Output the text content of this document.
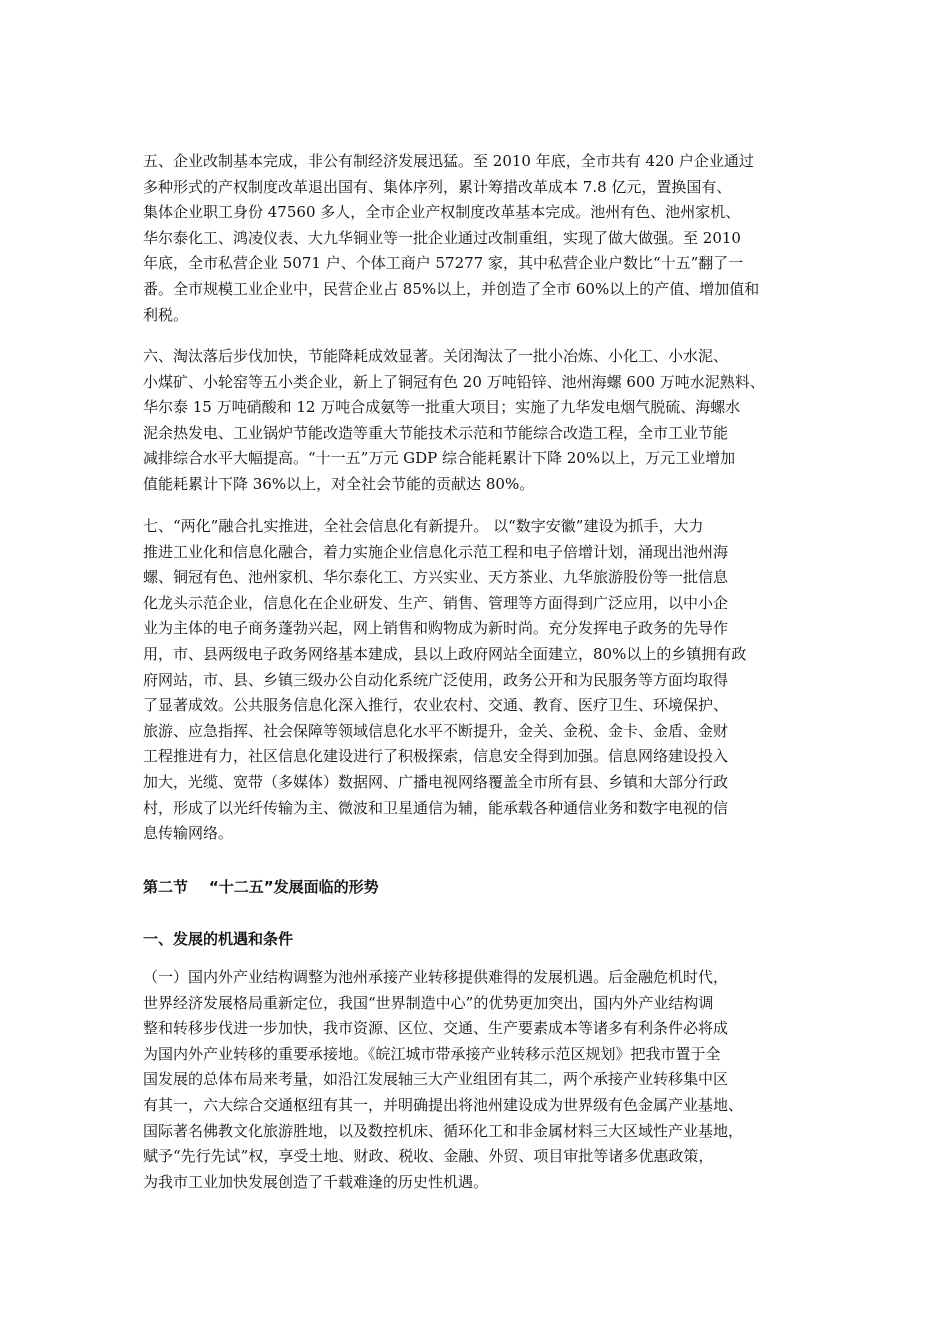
五、企业改制基本完成，非公有制经济发展迅猛。至 2010 年底，全市共有 420 户企业通过
多种形式的产权制度改革退出国有、集体序列，累计筹措改革成本 7.8 亿元，置换国有、
集体企业职工身份 47560 多人，全市企业产权制度改革基本完成。池州有色、池州家机、
华尔泰化工、鸿凌仪表、大九华铜业等一批企业通过改制重组，实现了做大做强。至 2010
年底，全市私营企业 5071 户、个体工商户 57277 家，其中私营企业户数比“十五”翻了一
番。全市规模工业企业中，民营企业占 85%以上，并创造了全市 60%以上的产值、增加值和
利税。
六、淘汰落后步伐加快，节能降耗成效显著。关闭淘汰了一批小冶炼、小化工、小水泥、
小煤矿、小轮窑等五小类企业，新上了铜冠有色 20 万吨铅锌、池州海螺 600 万吨水泥熟料、
华尔泰 15 万吨硝酸和 12 万吨合成氨等一批重大项目；实施了九华发电烟气脱硫、海螺水
泥余热发电、工业锅炉节能改造等重大节能技术示范和节能综合改造工程，全市工业节能
减排综合水平大幅提高。“十一五”万元 GDP 综合能耗累计下降 20%以上，万元工业增加
值能耗累计下降 36%以上，对全社会节能的贡献达 80%。
七、“两化”融合扎实推进，全社会信息化有新提升。 以“数字安徽”建设为抓手，大力
推进工业化和信息化融合，着力实施企业信息化示范工程和电子倍增计划，涌现出池州海
螺、铜冠有色、池州家机、华尔泰化工、方兴实业、天方茶业、九华旅游股份等一批信息
化龙头示范企业，信息化在企业研发、生产、销售、管理等方面得到广泛应用，以中小企
业为主体的电子商务蓬勃兴起，网上销售和购物成为新时尚。充分发挥电子政务的先导作
用，市、县两级电子政务网络基本建成，县以上政府网站全面建立，80%以上的乡镇拥有政
府网站，市、县、乡镇三级办公自动化系统广泛使用，政务公开和为民服务等方面均取得
了显著成效。公共服务信息化深入推行，农业农村、交通、教育、医疗卫生、环境保护、
旅游、应急指挥、社会保障等领域信息化水平不断提升，金关、金税、金卡、金盾、金财
工程推进有力，社区信息化建设进行了积极探索，信息安全得到加强。信息网络建设投入
加大，光缆、宽带（多媒体）数据网、广播电视网络覆盖全市所有县、乡镇和大部分行政
村，形成了以光纤传输为主、微波和卫星通信为辅，能承载各种通信业务和数字电视的信
息传输网络。
第二节    “十二五”发展面临的形势
一、发展的机遇和条件
（一）国内外产业结构调整为池州承接产业转移提供难得的发展机遇。后金融危机时代，
世界经济发展格局重新定位，我国“世界制造中心”的优势更加突出，国内外产业结构调
整和转移步伐进一步加快，我市资源、区位、交通、生产要素成本等诸多有利条件必将成
为国内外产业转移的重要承接地。《皖江城市带承接产业转移示范区规划》把我市置于全
国发展的总体布局来考量，如沿江发展轴三大产业组团有其二，两个承接产业转移集中区
有其一，六大综合交通枢纽有其一，并明确提出将池州建设成为世界级有色金属产业基地、
国际著名佛教文化旅游胜地，以及数控机床、循环化工和非金属材料三大区域性产业基地，
赋予“先行先试”权，享受土地、财政、税收、金融、外贸、项目审批等诸多优惠政策，
为我市工业加快发展创造了千载难逢的历史性机遇。
